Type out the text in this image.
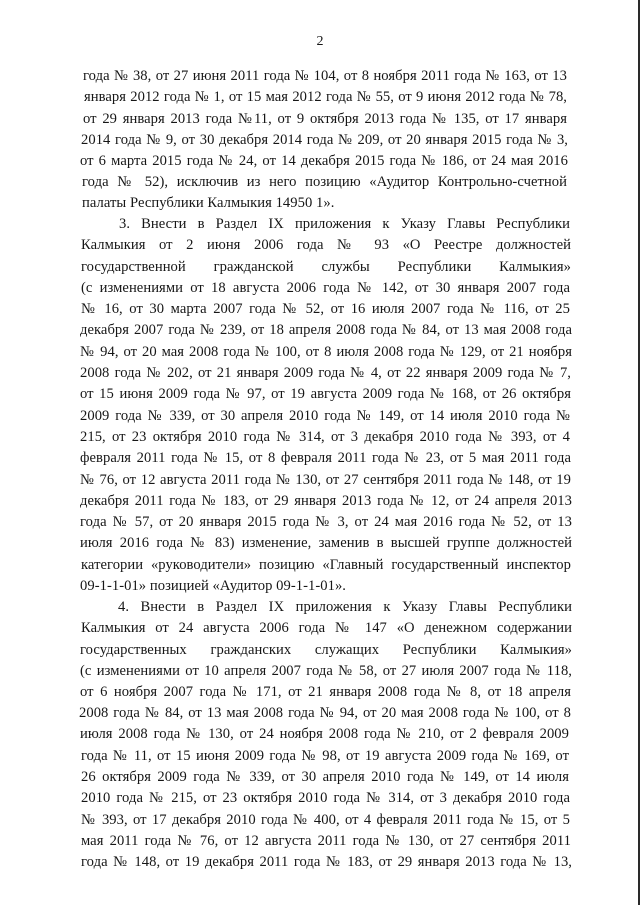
2
года № 38, от 27 июня 2011 года № 104, от 8 ноября 2011 года № 163, от 13
января 2012 года № 1, от 15 мая 2012 года № 55, от 9 июня 2012 года № 78,
от 29 января 2013 года №11, от 9 октября 2013 года № 135, от 17 января
2014 года № 9, от 30 декабря 2014 года № 209, от 20 января 2015 года № 3,
от 6 марта 2015 года № 24, от 14 декабря 2015 года № 186, от 24 мая 2016
года № 52), исключив из него позицию «Аудитор Контрольно-счетной
палаты Республики Калмыкия 14950 1».
3. Внести в Раздел IX приложения к Указу Главы Республики
Калмыкия от 2 июня 2006 года № 93 «О Реестре должностей
государственной гражданской службы Республики Калмыкия»
(с изменениями от 18 августа 2006 года № 142, от 30 января 2007 года
№ 16, от 30 марта 2007 года № 52, от 16 июля 2007 года № 116, от 25
декабря 2007 года № 239, от 18 апреля 2008 года № 84, от 13 мая 2008 года
№ 94, от 20 мая 2008 года № 100, от 8 июля 2008 года № 129, от 21 ноября
2008 года № 202, от 21 января 2009 года № 4, от 22 января 2009 года № 7,
от 15 июня 2009 года № 97, от 19 августа 2009 года № 168, от 26 октября
2009 года № 339, от 30 апреля 2010 года № 149, от 14 июля 2010 года №
215, от 23 октября 2010 года № 314, от 3 декабря 2010 года № 393, от 4
февраля 2011 года № 15, от 8 февраля 2011 года № 23, от 5 мая 2011 года
№ 76, от 12 августа 2011 года № 130, от 27 сентября 2011 года № 148, от 19
декабря 2011 года № 183, от 29 января 2013 года № 12, от 24 апреля 2013
года № 57, от 20 января 2015 года № 3, от 24 мая 2016 года № 52, от 13
июля 2016 года № 83) изменение, заменив в высшей группе должностей
категории «руководители» позицию «Главный государственный инспектор
09-1-1-01» позицией «Аудитор 09-1-1-01».
4. Внести в Раздел IX приложения к Указу Главы Республики
Калмыкия от 24 августа 2006 года № 147 «О денежном содержании
государственных гражданских служащих Республики Калмыкия»
(с изменениями от 10 апреля 2007 года № 58, от 27 июля 2007 года № 118,
от 6 ноября 2007 года № 171, от 21 января 2008 года № 8, от 18 апреля
2008 года № 84, от 13 мая 2008 года № 94, от 20 мая 2008 года № 100, от 8
июля 2008 года № 130, от 24 ноября 2008 года № 210, от 2 февраля 2009
года № 11, от 15 июня 2009 года № 98, от 19 августа 2009 года № 169, от
26 октября 2009 года № 339, от 30 апреля 2010 года № 149, от 14 июля
2010 года № 215, от 23 октября 2010 года № 314, от 3 декабря 2010 года
№ 393, от 17 декабря 2010 года № 400, от 4 февраля 2011 года № 15, от 5
мая 2011 года № 76, от 12 августа 2011 года № 130, от 27 сентября 2011
года № 148, от 19 декабря 2011 года № 183, от 29 января 2013 года № 13,
